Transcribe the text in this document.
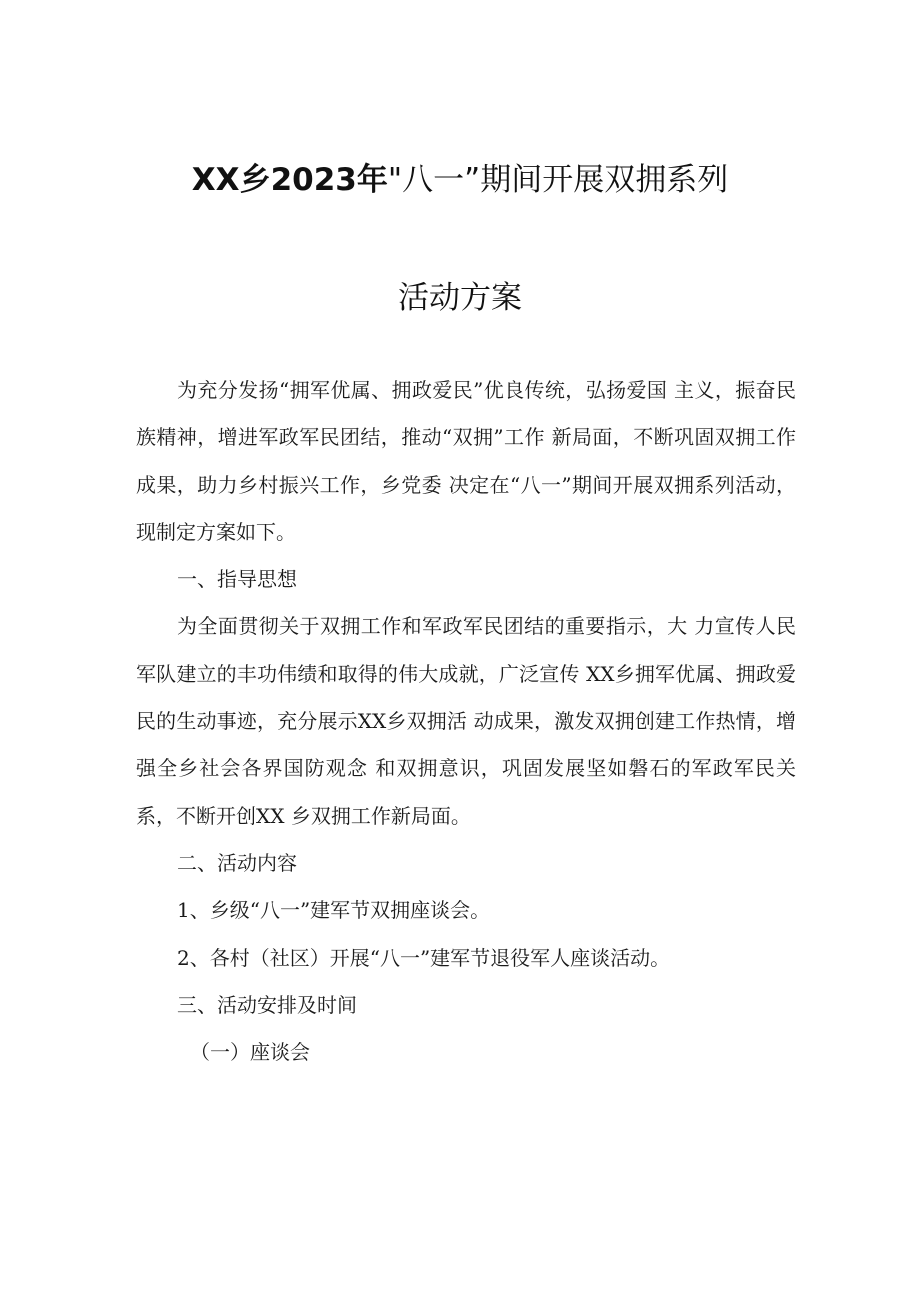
XX乡2023年"八一”期间开展双拥系列
活动方案

为充分发扬“拥军优属、拥政爱民”优良传统，弘扬爱国 主义，振奋民族精神，增进军政军民团结，推动“双拥”工作 新局面，不断巩固双拥工作成果，助力乡村振兴工作，乡党委 决定在“八一”期间开展双拥系列活动，现制定方案如下。

一、指导思想

为全面贯彻关于双拥工作和军政军民团结的重要指示，大 力宣传人民军队建立的丰功伟绩和取得的伟大成就，广泛宣传 XX乡拥军优属、拥政爱民的生动事迹，充分展示XX乡双拥活 动成果，激发双拥创建工作热情，增强全乡社会各界国防观念 和双拥意识，巩固发展坚如磐石的军政军民关系，不断开创XX 乡双拥工作新局面。

二、活动内容

1、乡级“八一”建军节双拥座谈会。

2、各村（社区）开展“八一”建军节退役军人座谈活动。

三、活动安排及时间

（一）座谈会
